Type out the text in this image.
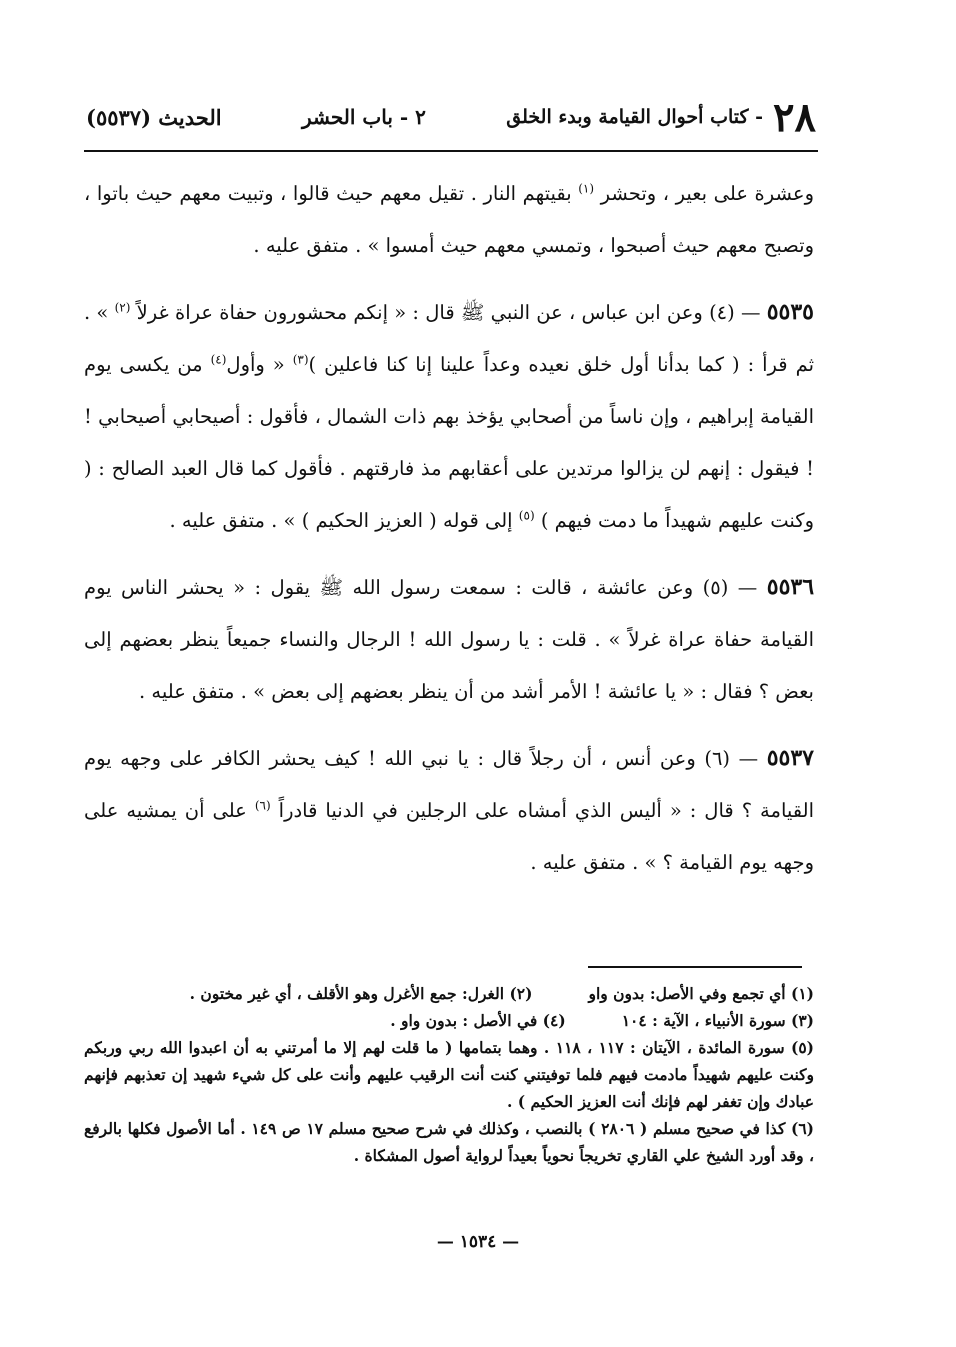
٢٨
- كتاب أحوال القيامة وبدء الخلق
٢ - باب الحشر
الحديث (٥٥٣٧)

وعشرة على بعير ، وتحشر $^{(١)}$ بقيتهم النار . تقيل معهم حيث قالوا ، وتبيت معهم حيث باتوا ، وتصبح معهم حيث أصبحوا ، وتمسي معهم حيث أمسوا » . متفق عليه .

٥٥٣٥ — (٤) وعن ابن عباس ، عن النبي ﷺ قال : « إنكم محشورون حفاة عراة غرلاً $^{(٢)}$ » . ثم قرأ : ( كما بدأنا أول خلق نعيده وعداً علينا إنا كنا فاعلين )$^{(٣)}$ « وأول$^{(٤)}$ من يكسى يوم القيامة إبراهيم ، وإن ناساً من أصحابي يؤخذ بهم ذات الشمال ، فأقول : أصيحابي أصيحابي ! ! فيقول : إنهم لن يزالوا مرتدين على أعقابهم مذ فارقتهم . فأقول كما قال العبد الصالح : ( وكنت عليهم شهيداً ما دمت فيهم ) $^{(٥)}$ إلى قوله ( العزيز الحكيم ) » . متفق عليه .

٥٥٣٦ — (٥) وعن عائشة ، قالت : سمعت رسول الله ﷺ يقول : « يحشر الناس يوم القيامة حفاة عراة غرلاً » . قلت : يا رسول الله ! الرجال والنساء جميعاً ينظر بعضهم إلى بعض ؟ فقال : « يا عائشة ! الأمر أشد من أن ينظر بعضهم إلى بعض » . متفق عليه .

٥٥٣٧ — (٦) وعن أنس ، أن رجلاً قال : يا نبي الله ! كيف يحشر الكافر على وجهه يوم القيامة ؟ قال : « أليس الذي أمشاه على الرجلين في الدنيا قادراً $^{(٦)}$ على أن يمشيه على وجهه يوم القيامة ؟ » . متفق عليه .

(١) أي تجمع وفي الأصل: بدون واو
(٢) الغرل: جمع الأغرل وهو الأقلف ، أي غير مختون .
(٣) سورة الأنبياء ، الآية : ١٠٤
(٤) في الأصل : بدون واو .
(٥) سورة المائدة ، الآيتان : ١١٧ ، ١١٨ . وهما بتمامها ( ما قلت لهم إلا ما أمرتني به أن اعبدوا الله ربي وربكم وكنت عليهم شهيداً مادمت فيهم فلما توفيتني كنت أنت الرقيب عليهم وأنت على كل شيء شهيد إن تعذبهم فإنهم عبادك وإن تغفر لهم فإنك أنت العزيز الحكيم ) .
(٦) كذا في صحيح مسلم ( ٢٨٠٦ ) بالنصب ، وكذلك في شرح صحيح مسلم ١٧ ص ١٤٩ . أما الأصول فكلها بالرفع ، وقد أورد الشيخ علي القاري تخريجاً نحوياً بعيداً لرواية أصول المشكاة .
— ١٥٣٤ —
